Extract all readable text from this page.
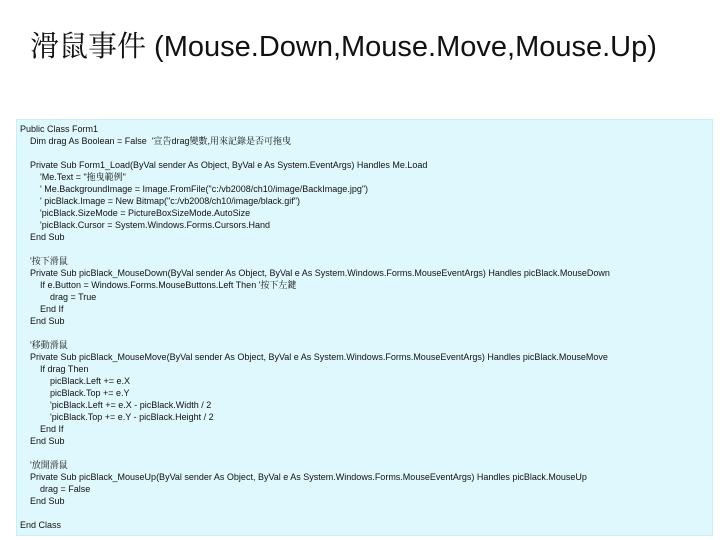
滑鼠事件 (Mouse.Down,Mouse.Move,Mouse.Up)
Public Class Form1
Dim drag As Boolean = False  '宣告drag變數,用來記錄是否可拖曳
Private Sub Form1_Load(ByVal sender As Object, ByVal e As System.EventArgs) Handles Me.Load
'Me.Text = "拖曳範例"
' Me.BackgroundImage = Image.FromFile("c:/vb2008/ch10/image/BackImage.jpg")
' picBlack.Image = New Bitmap("c:/vb2008/ch10/image/black.gif")
'picBlack.SizeMode = PictureBoxSizeMode.AutoSize
'picBlack.Cursor = System.Windows.Forms.Cursors.Hand
End Sub
'按下滑鼠
Private Sub picBlack_MouseDown(ByVal sender As Object, ByVal e As System.Windows.Forms.MouseEventArgs) Handles picBlack.MouseDown
If e.Button = Windows.Forms.MouseButtons.Left Then '按下左鍵
drag = True
End If
End Sub
'移動滑鼠
Private Sub picBlack_MouseMove(ByVal sender As Object, ByVal e As System.Windows.Forms.MouseEventArgs) Handles picBlack.MouseMove
If drag Then
picBlack.Left += e.X
picBlack.Top += e.Y
'picBlack.Left += e.X - picBlack.Width / 2
'picBlack.Top += e.Y - picBlack.Height / 2
End If
End Sub
'放開滑鼠
Private Sub picBlack_MouseUp(ByVal sender As Object, ByVal e As System.Windows.Forms.MouseEventArgs) Handles picBlack.MouseUp
drag = False
End Sub
End Class
